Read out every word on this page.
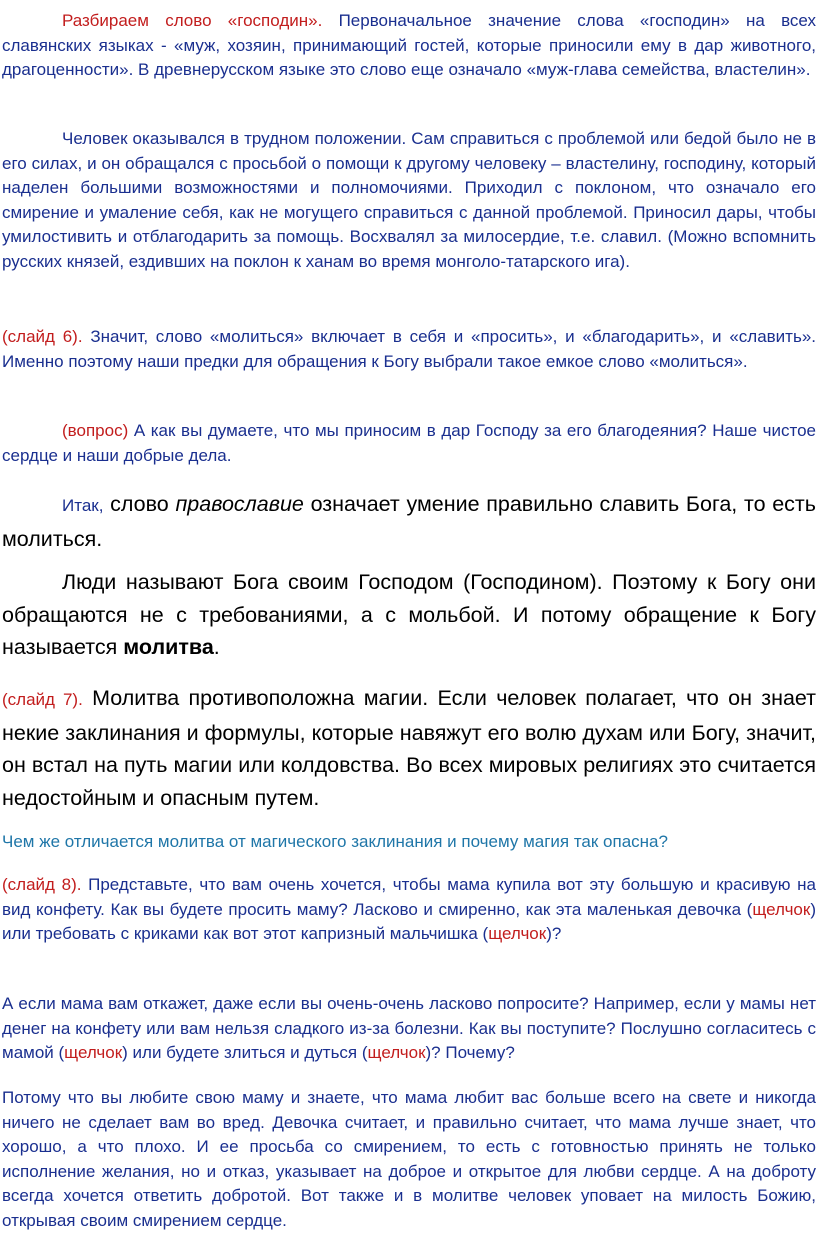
Разбираем слово «господин». Первоначальное значение слова «господин» на всех славянских языках - «муж, хозяин, принимающий гостей, которые приносили ему в дар животного, драгоценности». В древнерусском языке это слово еще означало «муж-глава семейства, властелин».

Человек оказывался в трудном положении. Сам справиться с проблемой или бедой было не в его силах, и он обращался с просьбой о помощи к другому человеку – властелину, господину, который наделен большими возможностями и полномочиями. Приходил с поклоном, что означало его смирение и умаление себя, как не могущего справиться с данной проблемой. Приносил дары, чтобы умилостивить и отблагодарить за помощь. Восхвалял за милосердие, т.е. славил. (Можно вспомнить русских князей, ездивших на поклон к ханам во время монголо-татарского ига).

(слайд 6). Значит, слово «молиться» включает в себя и «просить», и «благодарить», и «славить». Именно поэтому наши предки для обращения к Богу выбрали такое емкое слово «молиться».

(вопрос) А как вы думаете, что мы приносим в дар Господу за его благодеяния? Наше чистое сердце и наши добрые дела.

Итак, слово православие означает умение правильно славить Бога, то есть молиться.

Люди называют Бога своим Господом (Господином). Поэтому к Богу они обращаются не с требованиями, а с мольбой. И потому обращение к Богу называется молитва.

(слайд 7). Молитва противоположна магии. Если человек полагает, что он знает некие заклинания и формулы, которые навяжут его волю духам или Богу, значит, он встал на путь магии или колдовства. Во всех мировых религиях это считается недостойным и опасным путем.

Чем же отличается молитва от магического заклинания и почему магия так опасна?

(слайд 8). Представьте, что вам очень хочется, чтобы мама купила вот эту большую и красивую на вид конфету. Как вы будете просить маму? Ласково и смиренно, как эта маленькая девочка (щелчок) или требовать с криками как вот этот капризный мальчишка (щелчок)?

А если мама вам откажет, даже если вы очень-очень ласково попросите? Например, если у мамы нет денег на конфету или вам нельзя сладкого из-за болезни. Как вы поступите? Послушно согласитесь с мамой (щелчок) или будете злиться и дуться (щелчок)? Почему?

Потому что вы любите свою маму и знаете, что мама любит вас больше всего на свете и никогда ничего не сделает вам во вред. Девочка считает, и правильно считает, что мама лучше знает, что хорошо, а что плохо. И ее просьба со смирением, то есть с готовностью принять не только исполнение желания, но и отказ, указывает на доброе и открытое для любви сердце. А на доброту всегда хочется ответить добротой. Вот также и в молитве человек уповает на милость Божию, открывая своим смирением сердце.
